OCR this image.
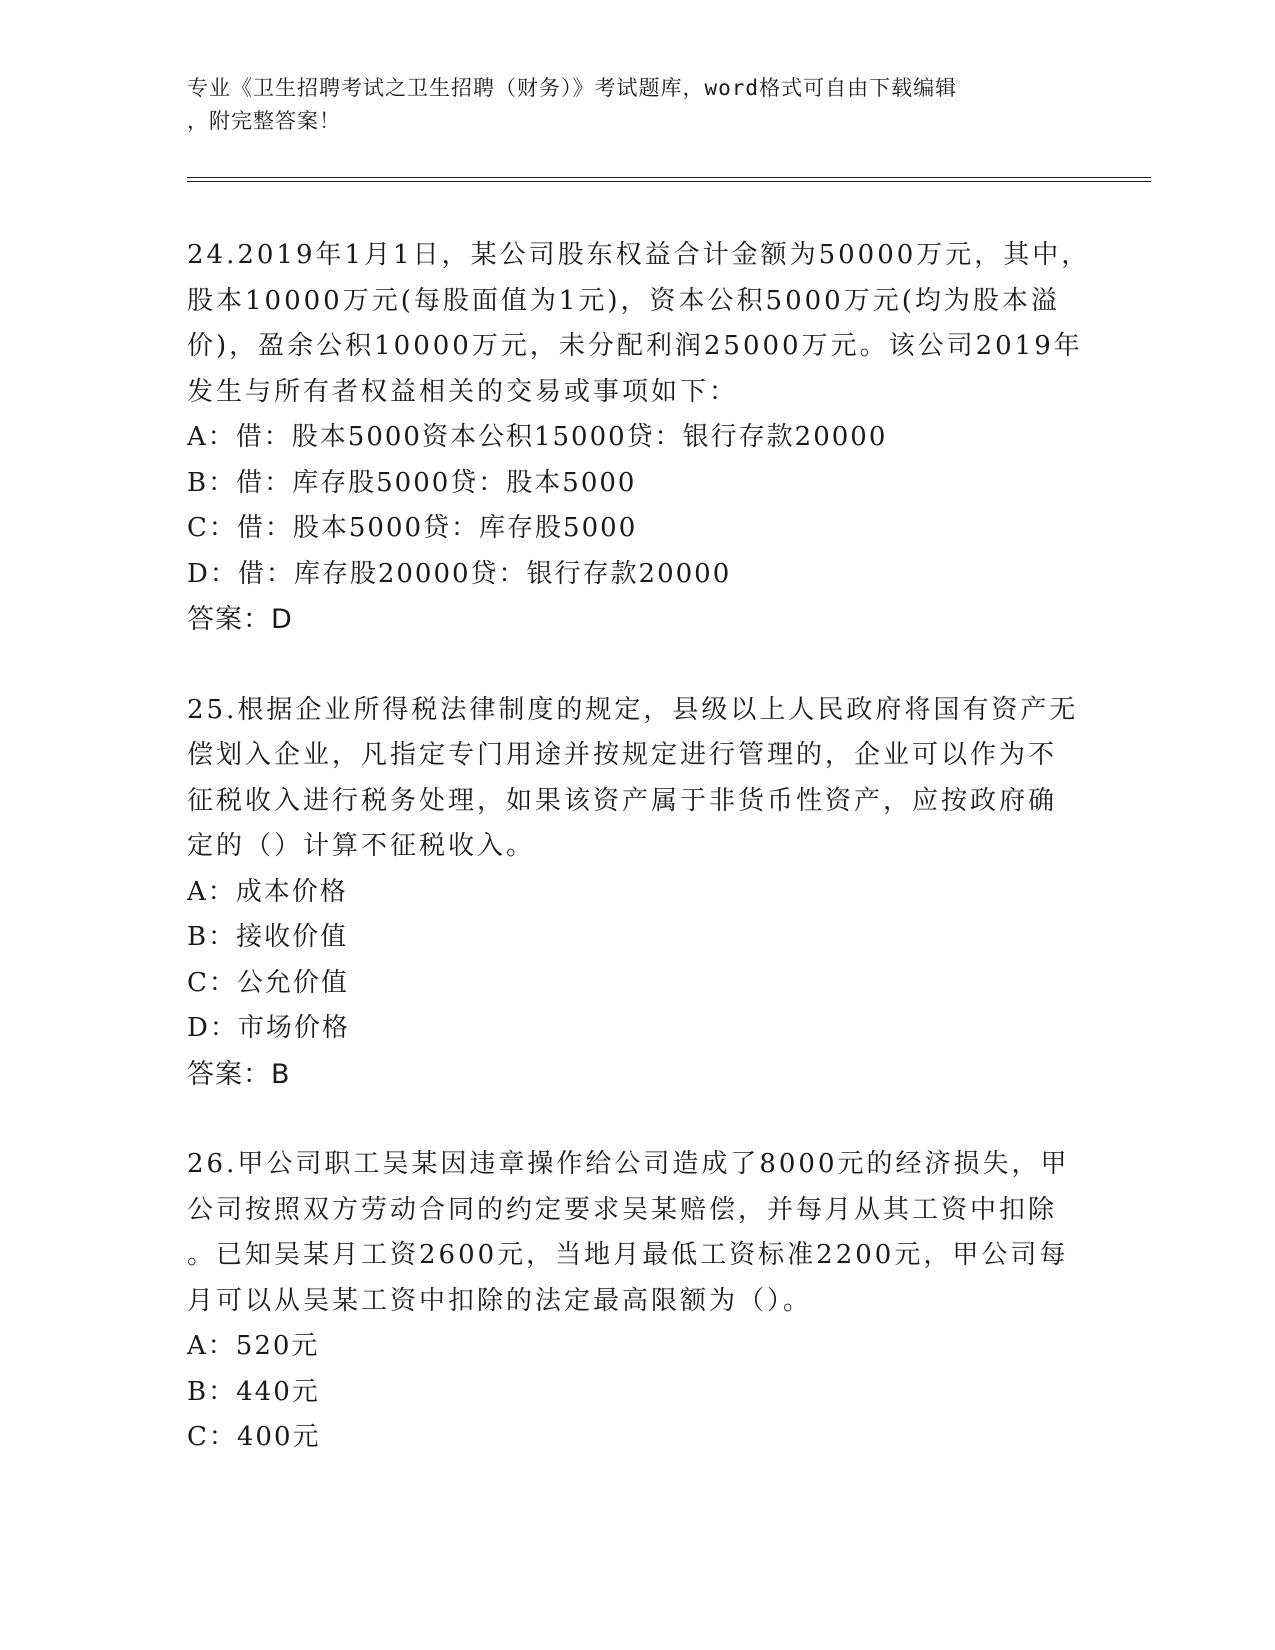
专业《卫生招聘考试之卫生招聘（财务）》考试题库，word格式可自由下载编辑
，附完整答案！
24.2019年1月1日，某公司股东权益合计金额为50000万元，其中，
股本10000万元(每股面值为1元)，资本公积5000万元(均为股本溢
价)，盈余公积10000万元，未分配利润25000万元。该公司2019年
发生与所有者权益相关的交易或事项如下：
A：借：股本5000资本公积15000贷：银行存款20000
B：借：库存股5000贷：股本5000
C：借：股本5000贷：库存股5000
D：借：库存股20000贷：银行存款20000
答案：D
25.根据企业所得税法律制度的规定，县级以上人民政府将国有资产无
偿划入企业，凡指定专门用途并按规定进行管理的，企业可以作为不
征税收入进行税务处理，如果该资产属于非货币性资产，应按政府确
定的（）计算不征税收入。
A：成本价格
B：接收价值
C：公允价值
D：市场价格
答案：B
26.甲公司职工吴某因违章操作给公司造成了8000元的经济损失，甲
公司按照双方劳动合同的约定要求吴某赔偿，并每月从其工资中扣除
。已知吴某月工资2600元，当地月最低工资标准2200元，甲公司每
月可以从吴某工资中扣除的法定最高限额为（）。
A：520元
B：440元
C：400元
